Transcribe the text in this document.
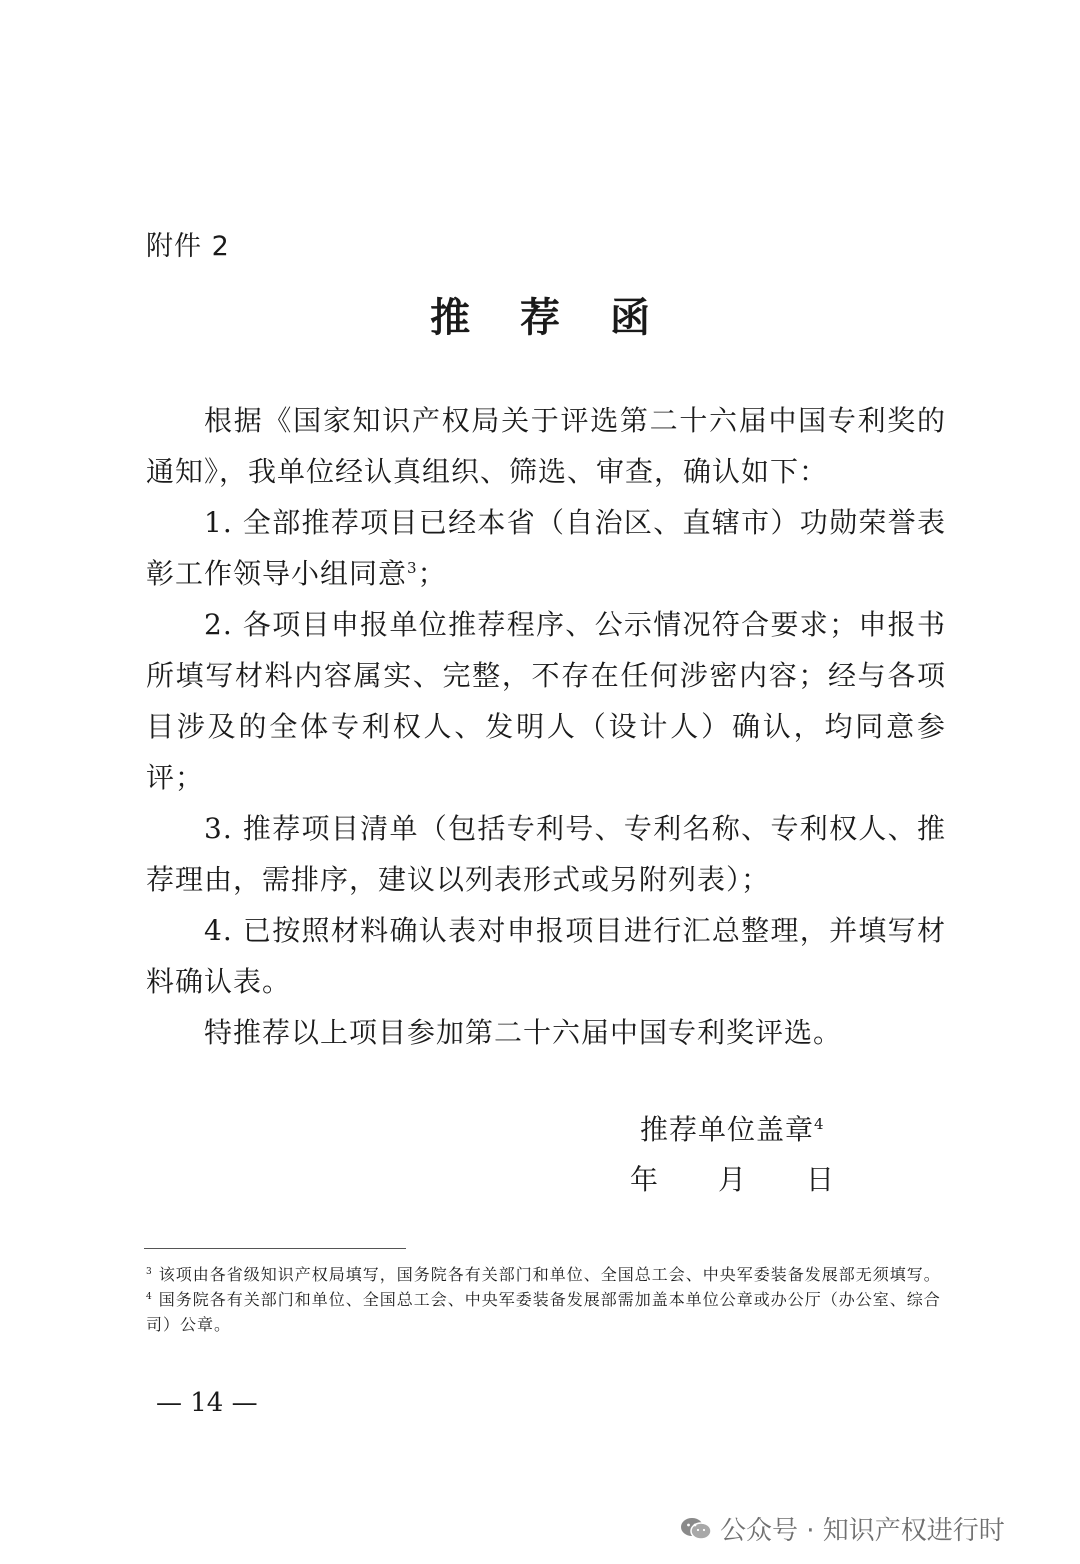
附件 2
推 荐 函

根据《国家知识产权局关于评选第二十六届中国专利奖的通知》，我单位经认真组织、筛选、审查，确认如下：

1. 全部推荐项目已经本省（自治区、直辖市）功勋荣誉表彰工作领导小组同意$^3$；

2. 各项目申报单位推荐程序、公示情况符合要求；申报书所填写材料内容属实、完整，不存在任何涉密内容；经与各项目涉及的全体专利权人、发明人（设计人）确认，均同意参评；

3. 推荐项目清单（包括专利号、专利名称、专利权人、推荐理由，需排序，建议以列表形式或另附列表）；

4. 已按照材料确认表对申报项目进行汇总整理，并填写材料确认表。

特推荐以上项目参加第二十六届中国专利奖评选。

推荐单位盖章$^4$
年 月 日

$^3$ 该项由各省级知识产权局填写，国务院各有关部门和单位、全国总工会、中央军委装备发展部无须填写。

$^4$ 国务院各有关部门和单位、全国总工会、中央军委装备发展部需加盖本单位公章或办公厅（办公室、综合司）公章。

— 14 —
公众号 · 知识产权进行时
